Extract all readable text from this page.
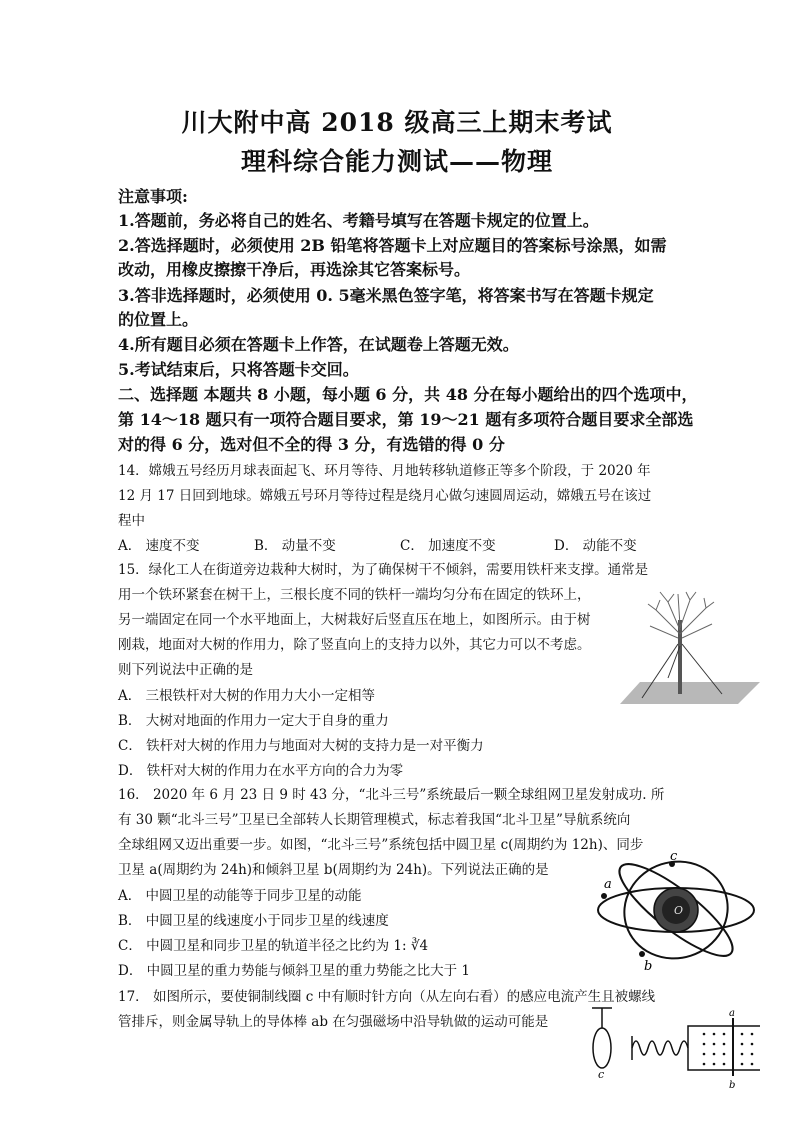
川大附中高 2018 级高三上期末考试
理科综合能力测试——物理
注意事项:
1.答题前，务必将自己的姓名、考籍号填写在答题卡规定的位置上。
2.答选择题时，必须使用 2B 铅笔将答题卡上对应题目的答案标号涂黑，如需
改动，用橡皮擦擦干净后，再选涂其它答案标号。
3.答非选择题时，必须使用 0. 5毫米黑色签字笔，将答案书写在答题卡规定
的位置上。
4.所有题目必须在答题卡上作答，在试题卷上答题无效。
5.考试结束后，只将答题卡交回。
二、选择题 本题共 8 小题，每小题 6 分，共 48 分在每小题给出的四个选项中，
第 14～18 题只有一项符合题目要求，第 19～21 题有多项符合题目要求全部选
对的得 6 分，选对但不全的得 3 分，有选错的得 0 分
14．嫦娥五号经历月球表面起飞、环月等待、月地转移轨道修正等多个阶段，于 2020 年
12 月 17 日回到地球。嫦娥五号环月等待过程是绕月心做匀速圆周运动，嫦娥五号在该过
程中
A． 速度不变	B． 动量不变	C． 加速度不变	D． 动能不变
15．绿化工人在街道旁边栽种大树时，为了确保树干不倾斜，需要用铁杆来支撑。通常是
用一个铁环紧套在树干上，三根长度不同的铁杆一端均匀分布在固定的铁环上，
另一端固定在同一个水平地面上，大树栽好后竖直压在地上，如图所示。由于树
刚栽，地面对大树的作用力，除了竖直向上的支持力以外，其它力可以不考虑。
则下列说法中正确的是
A． 三根铁杆对大树的作用力大小一定相等
B． 大树对地面的作用力一定大于自身的重力
C． 铁杆对大树的作用力与地面对大树的支持力是一对平衡力
D． 铁杆对大树的作用力在水平方向的合力为零
16． 2020 年 6 月 23 日 9 时 43 分，“北斗三号”系统最后一颗全球组网卫星发射成功. 所
有 30 颗“北斗三号”卫星已全部转人长期管理模式，标志着我国“北斗卫星”导航系统向
全球组网又迈出重要一步。如图，“北斗三号”系统包括中圆卫星 c(周期约为 12h)、同步
卫星 a(周期约为 24h)和倾斜卫星 b(周期约为 24h)。下列说法正确的是
A． 中圆卫星的动能等于同步卫星的动能
B． 中圆卫星的线速度小于同步卫星的线速度
C． 中圆卫星和同步卫星的轨道半径之比约为 1: ∛4
D． 中圆卫星的重力势能与倾斜卫星的重力势能之比大于 1
a
c
b
O
17． 如图所示，要使铜制线圈 c 中有顺时针方向（从左向右看）的感应电流产生且被螺线
管排斥，则金属导轨上的导体棒 ab 在匀强磁场中沿导轨做的运动可能是
c
a
b
